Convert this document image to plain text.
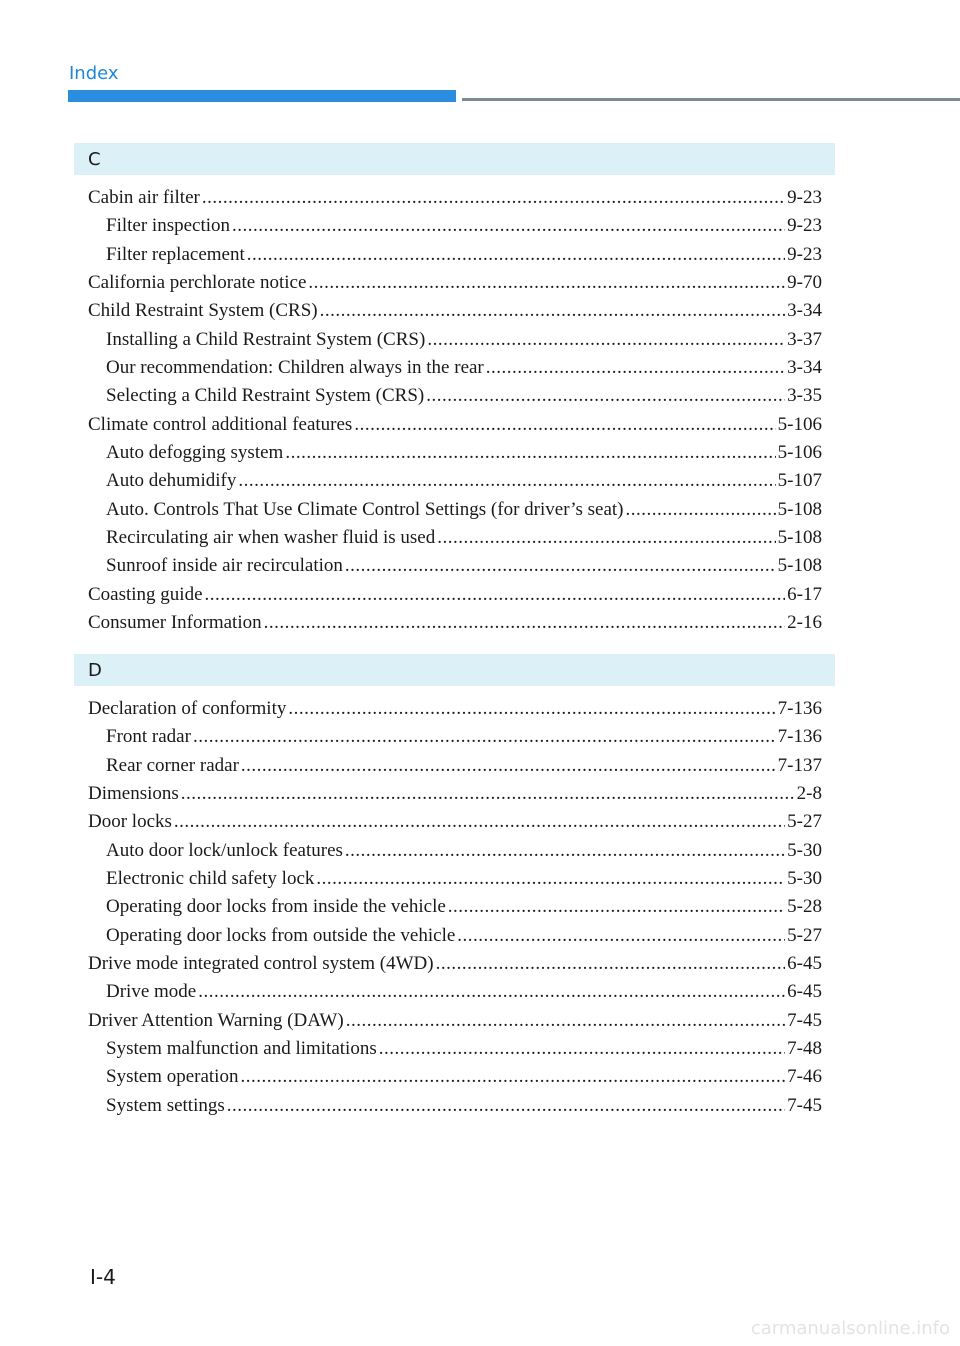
Index
C
Cabin air filter .....	9-23
Filter inspection .....	9-23
Filter replacement .....	9-23
California perchlorate notice .....	9-70
Child Restraint System (CRS) .....	3-34
Installing a Child Restraint System (CRS) .....	3-37
Our recommendation: Children always in the rear .....	3-34
Selecting a Child Restraint System (CRS) .....	3-35
Climate control additional features .....	5-106
Auto defogging system .....	5-106
Auto dehumidify .....	5-107
Auto. Controls That Use Climate Control Settings (for driver’s seat) .....	5-108
Recirculating air when washer fluid is used .....	5-108
Sunroof inside air recirculation .....	5-108
Coasting guide .....	6-17
Consumer Information .....	2-16
D
Declaration of conformity .....	7-136
Front radar .....	7-136
Rear corner radar .....	7-137
Dimensions .....	2-8
Door locks .....	5-27
Auto door lock/unlock features .....	5-30
Electronic child safety lock .....	5-30
Operating door locks from inside the vehicle .....	5-28
Operating door locks from outside the vehicle .....	5-27
Drive mode integrated control system (4WD) .....	6-45
Drive mode .....	6-45
Driver Attention Warning (DAW) .....	7-45
System malfunction and limitations .....	7-48
System operation .....	7-46
System settings .....	7-45
I-4
carmanualsonline.info
